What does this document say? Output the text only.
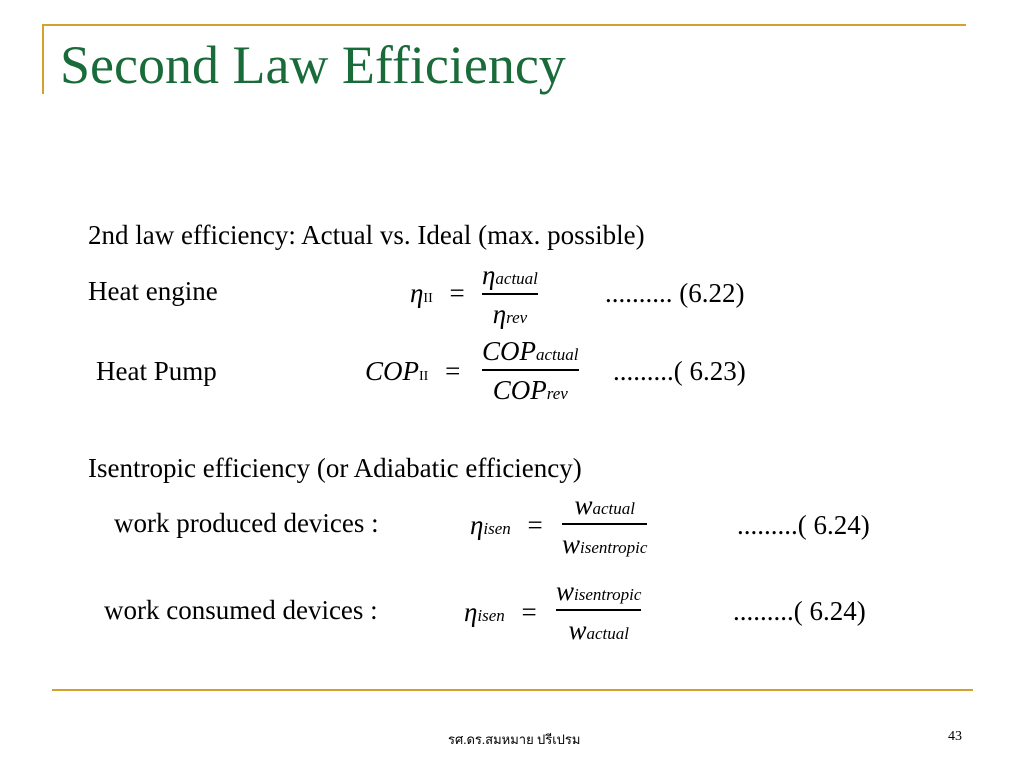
Second Law Efficiency
2nd law efficiency: Actual vs. Ideal (max. possible)
Heat engine	ηII =
ηactual
ηrev
.......... (6.22)
Heat Pump	COPII =
COPactual
COPrev
.........( 6.23)
Isentropic efficiency (or Adiabatic efficiency)
work produced devices :	ηisen =
wactual
wisentropic
.........( 6.24)
work consumed devices :	ηisen =
wisentropic
wactual
.........( 6.24)
รศ.ดร.สมหมาย ปรีเปรม	43
